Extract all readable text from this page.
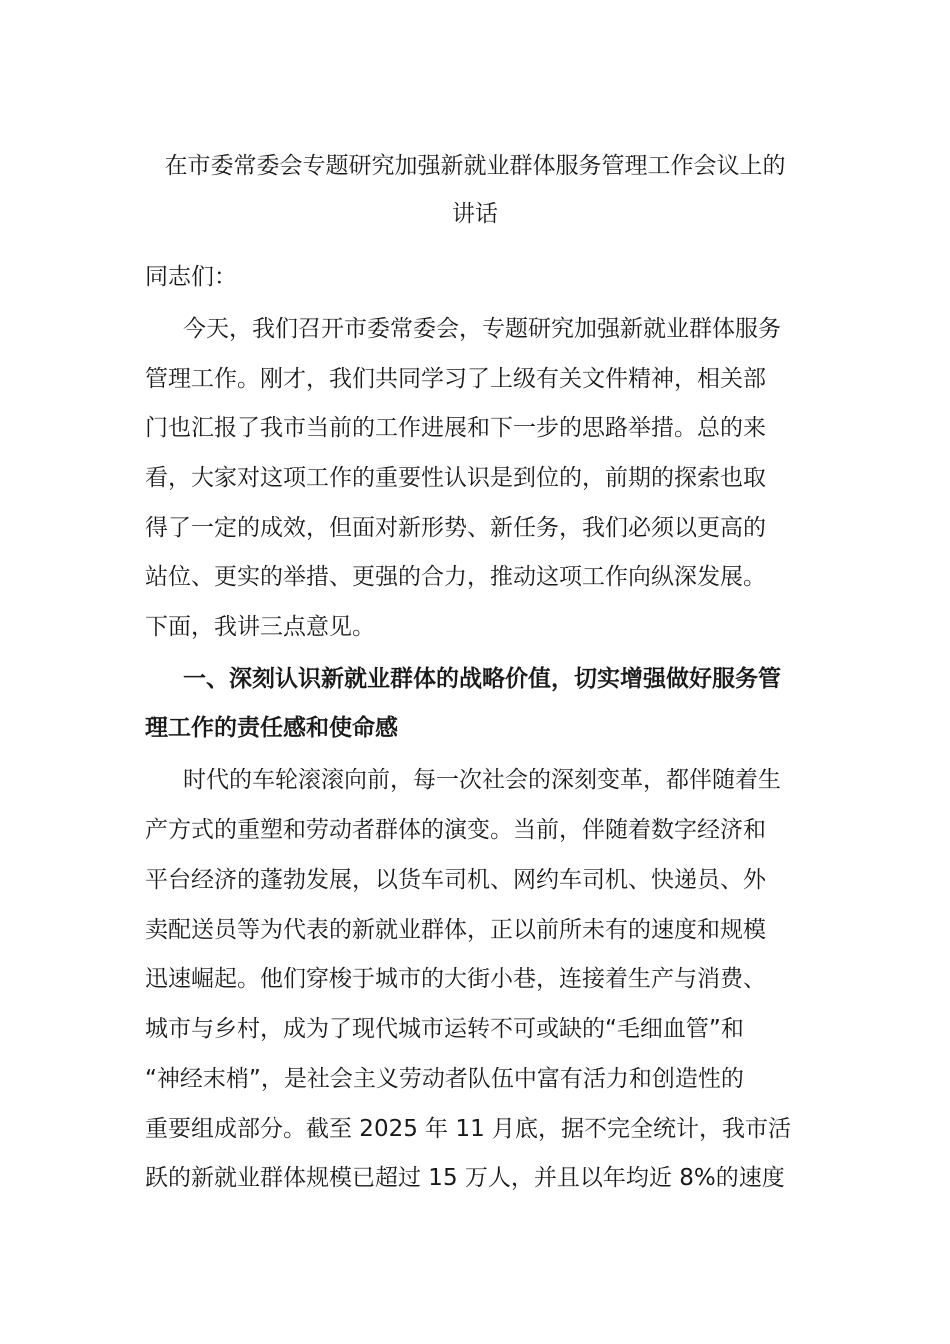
在市委常委会专题研究加强新就业群体服务管理工作会议上的
讲话
同志们：
今天，我们召开市委常委会，专题研究加强新就业群体服务
管理工作。刚才，我们共同学习了上级有关文件精神，相关部
门也汇报了我市当前的工作进展和下一步的思路举措。总的来
看，大家对这项工作的重要性认识是到位的，前期的探索也取
得了一定的成效，但面对新形势、新任务，我们必须以更高的
站位、更实的举措、更强的合力，推动这项工作向纵深发展。
下面，我讲三点意见。
一、深刻认识新就业群体的战略价值，切实增强做好服务管
理工作的责任感和使命感
时代的车轮滚滚向前，每一次社会的深刻变革，都伴随着生
产方式的重塑和劳动者群体的演变。当前，伴随着数字经济和
平台经济的蓬勃发展，以货车司机、网约车司机、快递员、外
卖配送员等为代表的新就业群体，正以前所未有的速度和规模
迅速崛起。他们穿梭于城市的大街小巷，连接着生产与消费、
城市与乡村，成为了现代城市运转不可或缺的“毛细血管”和
“神经末梢”，是社会主义劳动者队伍中富有活力和创造性的
重要组成部分。截至 2025 年 11 月底，据不完全统计，我市活
跃的新就业群体规模已超过 15 万人，并且以年均近 8%的速度
